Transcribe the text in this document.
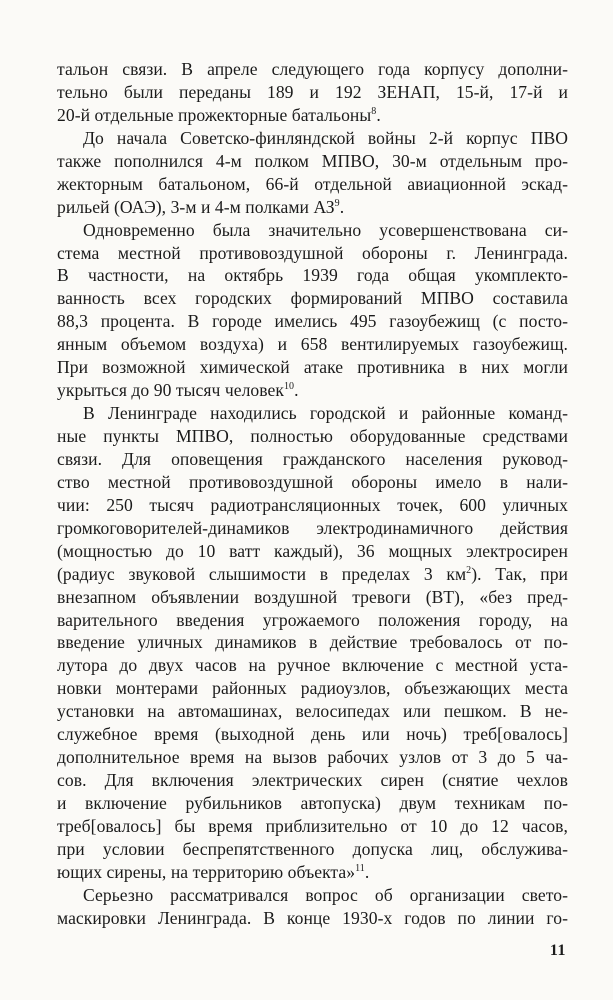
тальон связи. В апреле следующего года корпусу дополни-
тельно были переданы 189 и 192 ЗЕНАП, 15-й, 17-й и
20-й отдельные прожекторные батальоны$^8$.
До начала Советско-финляндской войны 2-й корпус ПВО
также пополнился 4-м полком МПВО, 30-м отдельным про-
жекторным батальоном, 66-й отдельной авиационной эскад-
рильей (ОАЭ), 3-м и 4-м полками $АЗ^9$.
Одновременно была значительно усовершенствована си-
стема местной противовоздушной обороны г. Ленинграда.
В частности, на октябрь 1939 года общая укомплекто-
ванность всех городских формирований МПВО составила
88,3 процента. В городе имелись 495 газоубежищ (с посто-
янным объемом воздуха) и 658 вентилируемых газоубежищ.
При возможной химической атаке противника в них могли
укрыться до 90 тысяч человек$^{10}$.
В Ленинграде находились городской и районные команд-
ные пункты МПВО, полностью оборудованные средствами
связи. Для оповещения гражданского населения руковод-
ство местной противовоздушной обороны имело в нали-
чии: 250 тысяч радиотрансляционных точек, 600 уличных
громкоговорителей-динамиков электродинамичного действия
(мощностью до 10 ватт каждый), 36 мощных электросирен
(радиус звуковой слышимости в пределах 3 $км^2$). Так, при
внезапном объявлении воздушной тревоги (ВТ), «без пред-
варительного введения угрожаемого положения городу, на
введение уличных динамиков в действие требовалось от по-
лутора до двух часов на ручное включение с местной уста-
новки монтерами районных радиоузлов, объезжающих места
установки на автомашинах, велосипедах или пешком. В не-
служебное время (выходной день или ночь) треб[овалось]
дополнительное время на вызов рабочих узлов от 3 до 5 ча-
сов. Для включения электрических сирен (снятие чехлов
и включение рубильников автопуска) двум техникам по-
треб[овалось] бы время приблизительно от 10 до 12 часов,
при условии беспрепятственного допуска лиц, обслужива-
ющих сирены, на территорию объекта»$^{11}$.
Серьезно рассматривался вопрос об организации свето-
маскировки Ленинграда. В конце 1930-х годов по линии го-
11
